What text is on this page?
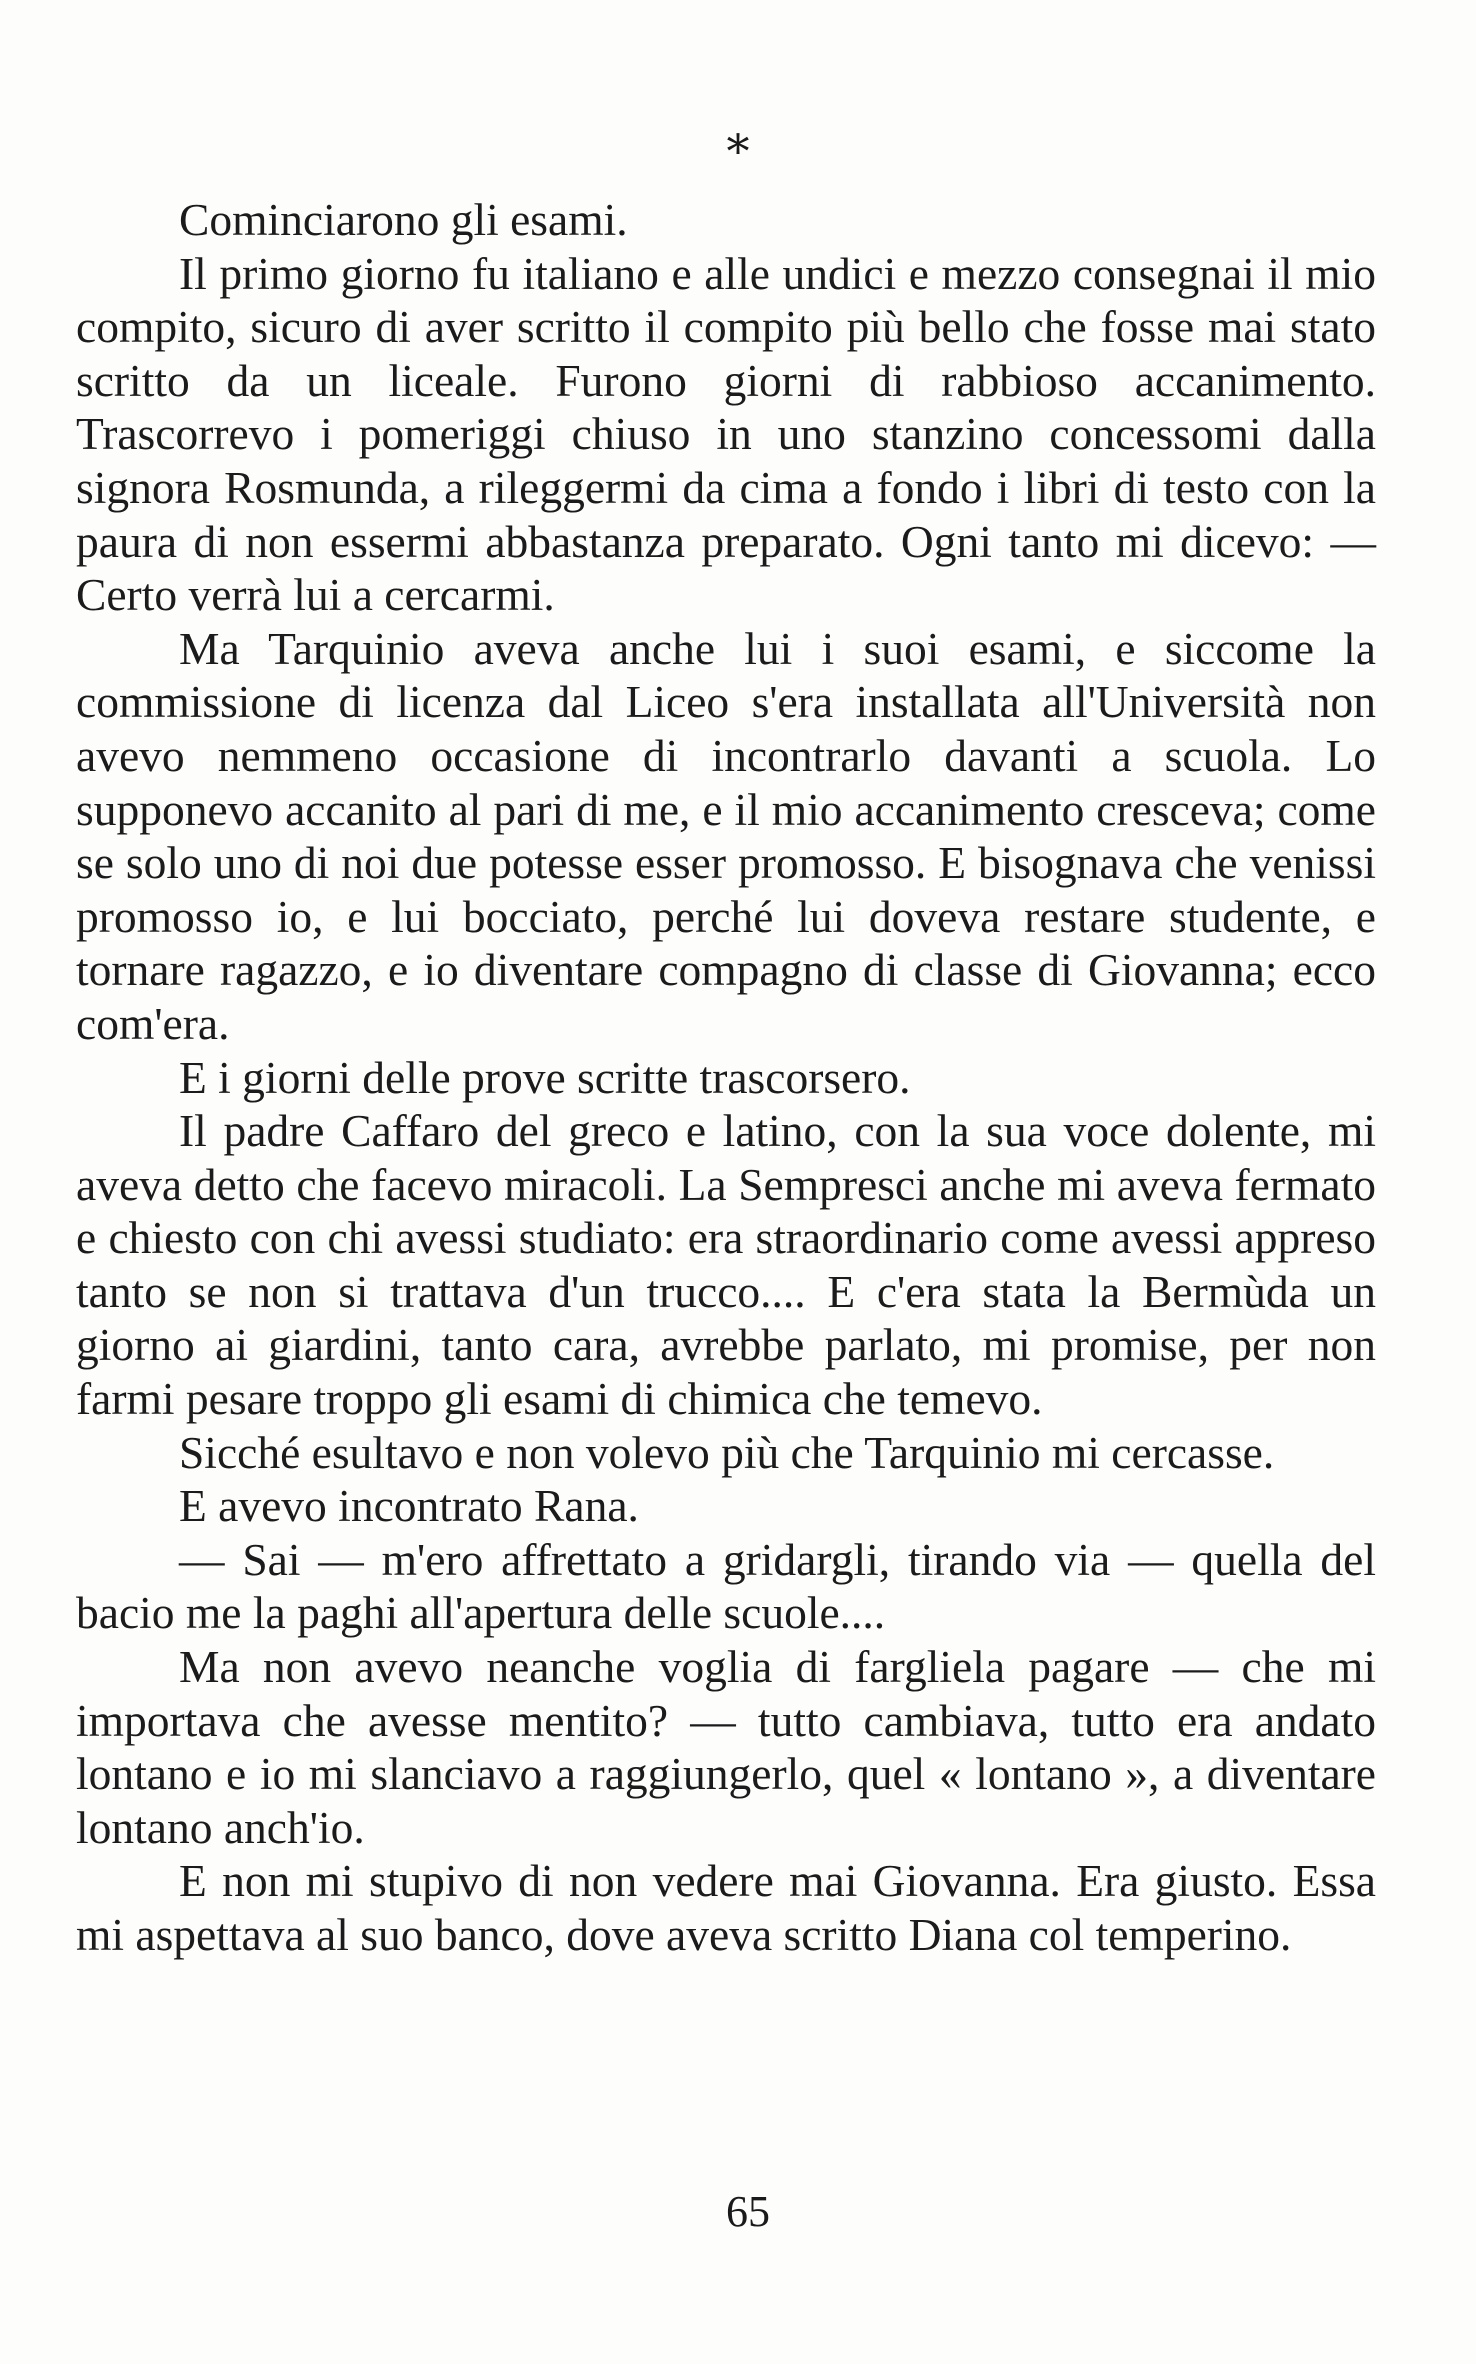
*

Cominciarono gli esami.

Il primo giorno fu italiano e alle undici e mezzo consegnai il mio compito, sicuro di aver scritto il compito più bello che fosse mai stato scritto da un liceale. Furono giorni di rabbioso accanimento. Trascorrevo i pomeriggi chiuso in uno stanzino concessomi dalla signora Rosmunda, a rileggermi da cima a fondo i libri di testo con la paura di non essermi abbastanza preparato. Ogni tanto mi dicevo: — Certo verrà lui a cercarmi.

Ma Tarquinio aveva anche lui i suoi esami, e siccome la commissione di licenza dal Liceo s'era installata all'Università non avevo nemmeno occasione di incontrarlo davanti a scuola. Lo supponevo accanito al pari di me, e il mio accanimento cresceva; come se solo uno di noi due potesse esser promosso. E bisognava che venissi promosso io, e lui bocciato, perché lui doveva restare studente, e tornare ragazzo, e io diventare compagno di classe di Giovanna; ecco com'era.

E i giorni delle prove scritte trascorsero.

Il padre Caffaro del greco e latino, con la sua voce dolente, mi aveva detto che facevo miracoli. La Sempresci anche mi aveva fermato e chiesto con chi avessi studiato: era straordinario come avessi appreso tanto se non si trattava d'un trucco.... E c'era stata la Bermùda un giorno ai giardini, tanto cara, avrebbe parlato, mi promise, per non farmi pesare troppo gli esami di chimica che temevo.

Sicché esultavo e non volevo più che Tarquinio mi cercasse.

E avevo incontrato Rana.

— Sai — m'ero affrettato a gridargli, tirando via — quella del bacio me la paghi all'apertura delle scuole....

Ma non avevo neanche voglia di fargliela pagare — che mi importava che avesse mentito? — tutto cambiava, tutto era andato lontano e io mi slanciavo a raggiungerlo, quel « lontano », a diventare lontano anch'io.

E non mi stupivo di non vedere mai Giovanna. Era giusto. Essa mi aspettava al suo banco, dove aveva scritto Diana col temperino.

65
